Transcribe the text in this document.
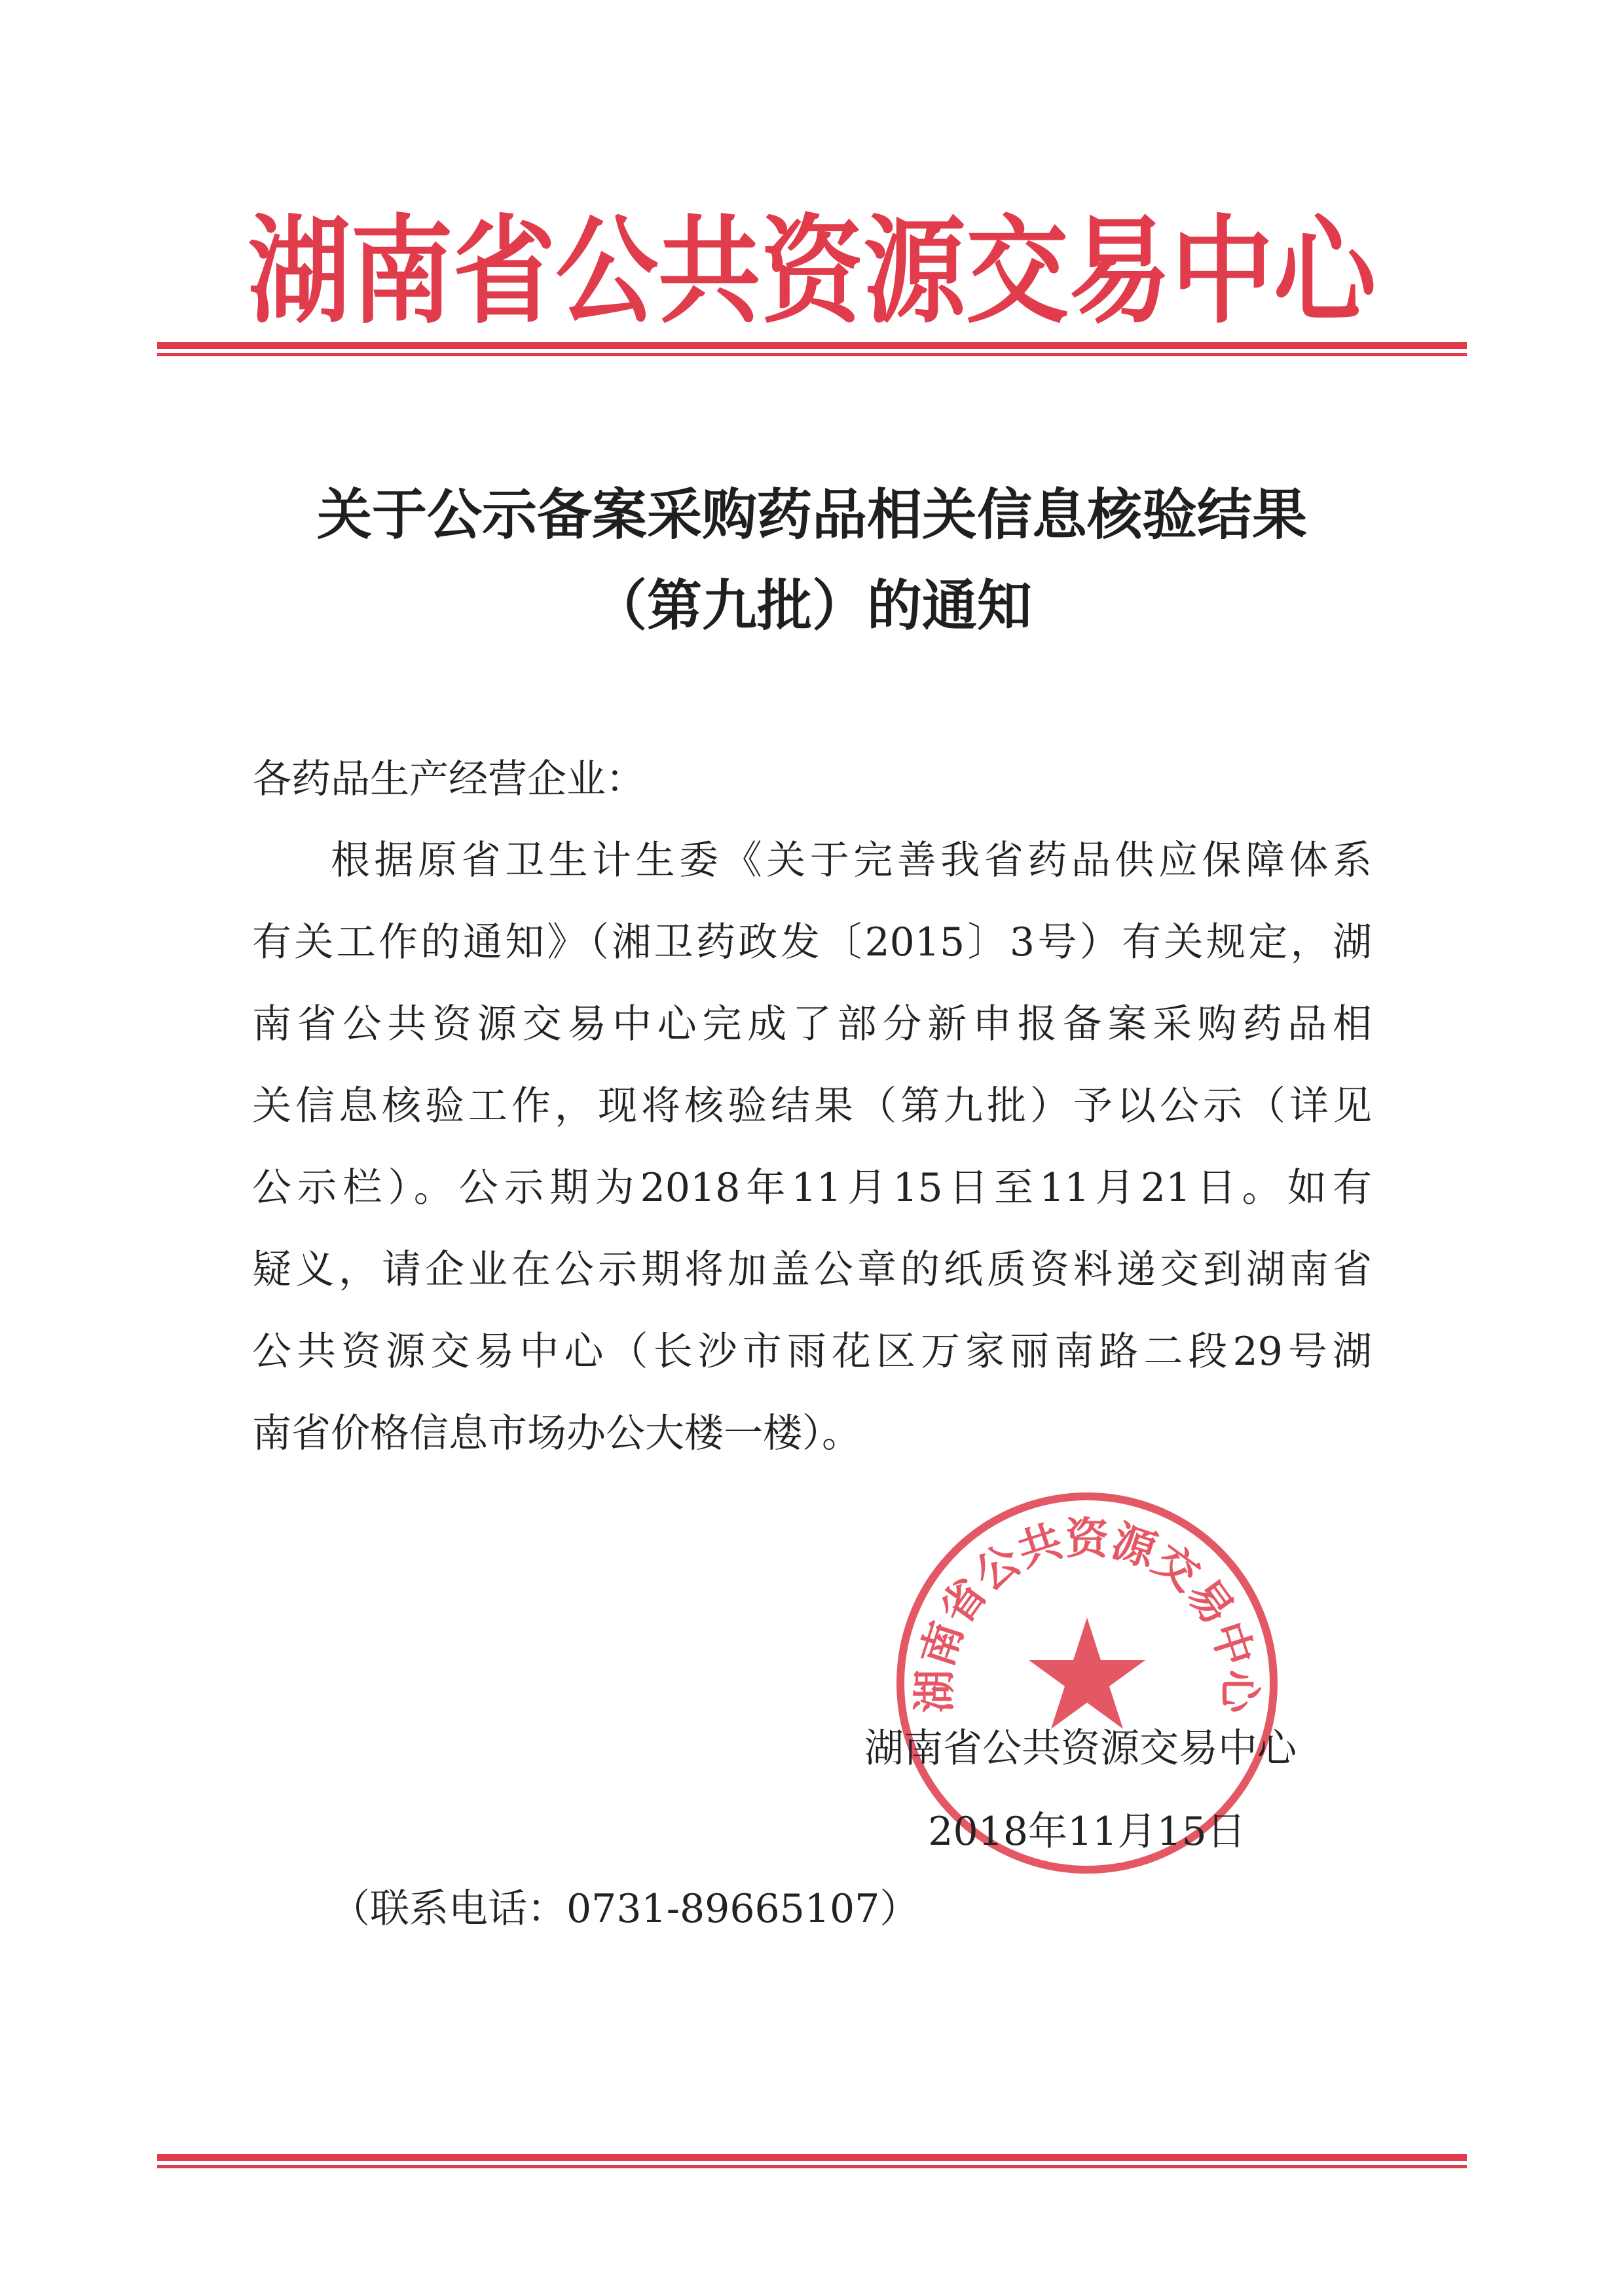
湖南省公共资源交易中心
关于公示备案采购药品相关信息核验结果
（第九批）的通知
各药品生产经营企业：
根据原省卫生计生委《关于完善我省药品供应保障体系
有关工作的通知》（湘卫药政发〔2015〕3号）有关规定，湖
南省公共资源交易中心完成了部分新申报备案采购药品相
关信息核验工作，现将核验结果（第九批）予以公示（详见
公示栏）。公示期为2018年11月15日至11月21日。如有
疑义，请企业在公示期将加盖公章的纸质资料递交到湖南省
公共资源交易中心（长沙市雨花区万家丽南路二段29号湖
南省价格信息市场办公大楼一楼）。
湖南省公共资源交易中心
湖南省公共资源交易中心
2018年11月15日
（联系电话：0731-89665107）
